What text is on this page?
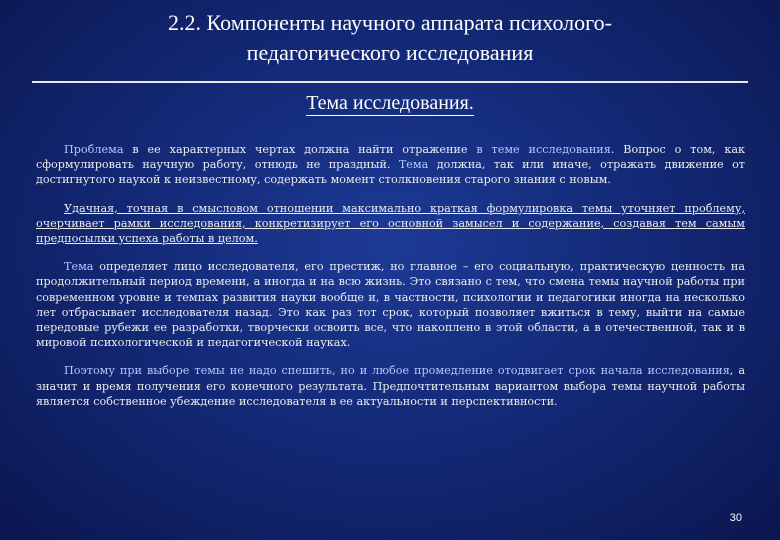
2.2. Компоненты научного аппарата психолого-
педагогического исследования
Тема исследования.

Проблема в ее характерных чертах должна найти отражение в теме исследования. Вопрос о том, как сформулировать научную работу, отнюдь не праздный. Тема должна, так или иначе, отражать движение от достигнутого наукой к неизвестному, содержать момент столкновения старого знания с новым.

Удачная, точная в смысловом отношении максимально краткая формулировка темы уточняет проблему, очерчивает рамки исследования, конкретизирует его основной замысел и содержание, создавая тем самым предпосылки успеха работы в целом.

Тема определяет лицо исследователя, его престиж, но главное – его социальную, практическую ценность на продолжительный период времени, а иногда и на всю жизнь. Это связано с тем, что смена темы научной работы при современном уровне и темпах развития науки вообще и, в частности, психологии и педагогики иногда на несколько лет отбрасывает исследователя назад. Это как раз тот срок, который позволяет вжиться в тему, выйти на самые передовые рубежи ее разработки, творчески освоить все, что накоплено в этой области, а в отечественной, так и в мировой психологической и педагогической науках.

Поэтому при выборе темы не надо спешить, но и любое промедление отодвигает срок начала исследования, а значит и время получения его конечного результата. Предпочтительным вариантом выбора темы научной работы является собственное убеждение исследователя в ее актуальности и перспективности.

30
